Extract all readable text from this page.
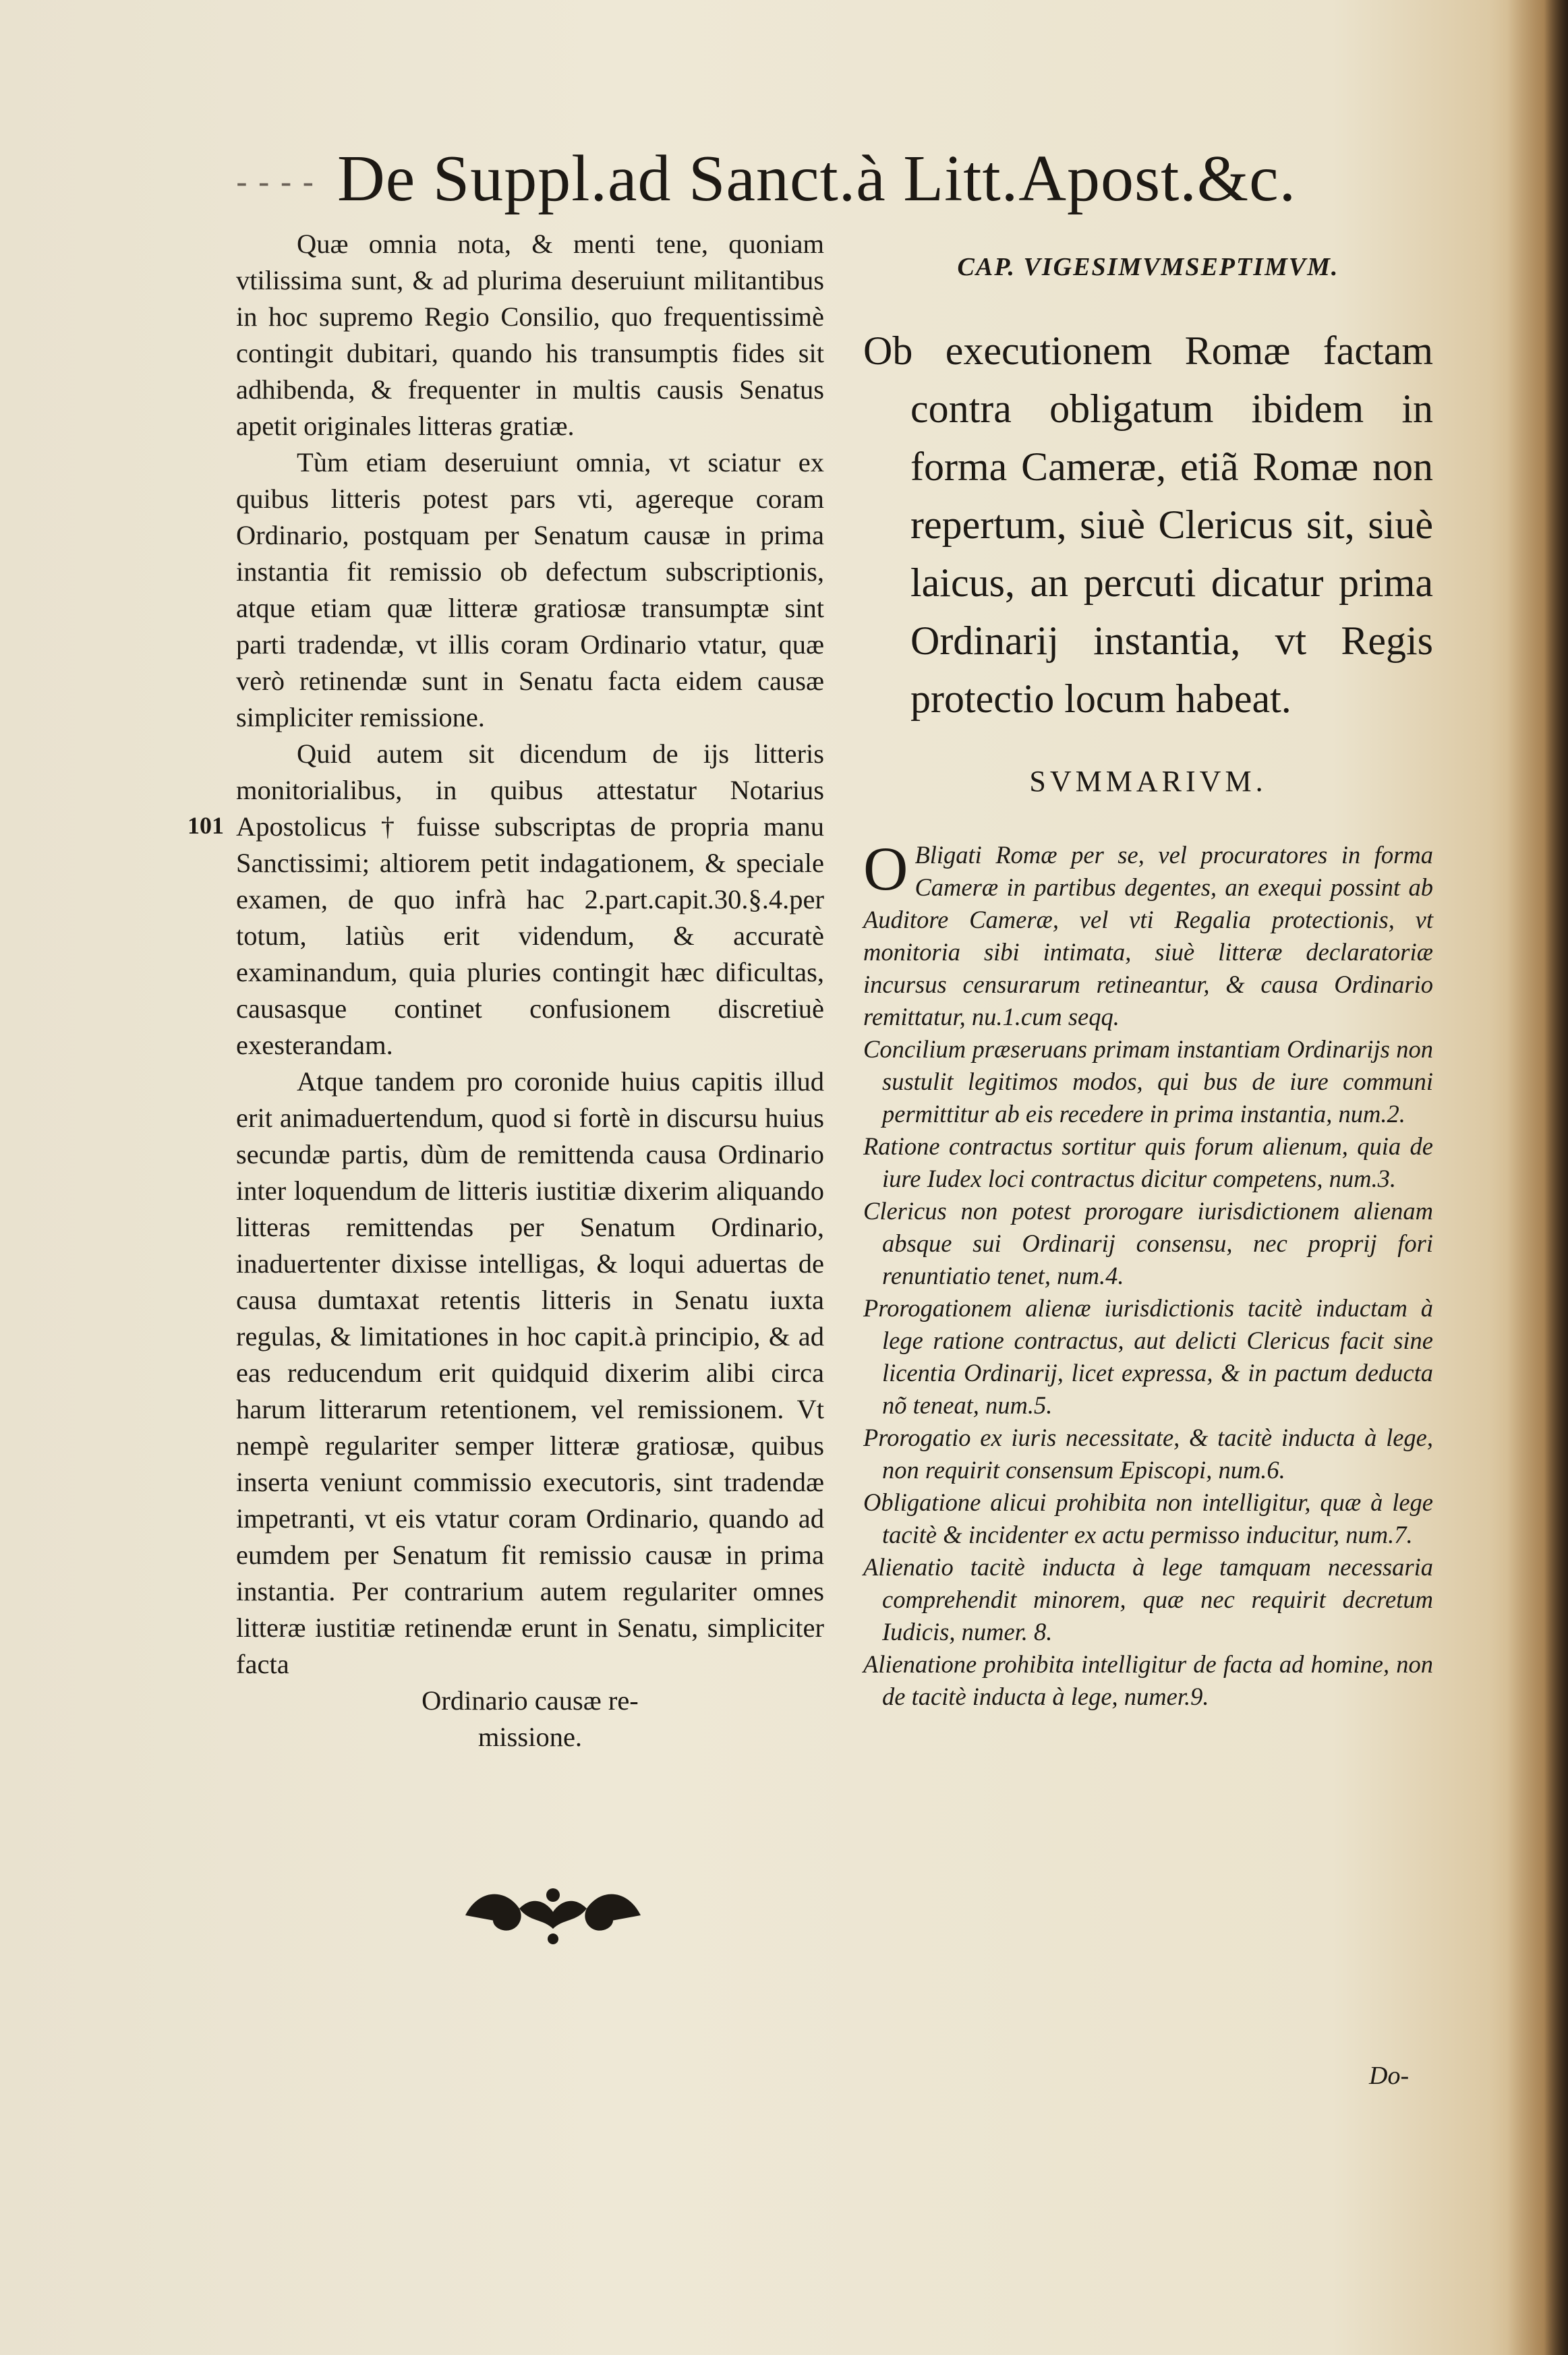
- - - - De Suppl.ad Sanct.à Litt.Apost.&c.
101

Quæ omnia nota, & menti tene, quoniam vtilissima sunt, & ad plurima deseruiunt militantibus in hoc supremo Regio Consilio, quo frequentissimè contingit dubitari, quando his transumptis fides sit adhibenda, & frequenter in multis causis Senatus apetit originales litteras gratiæ.

Tùm etiam deseruiunt omnia, vt sciatur ex quibus litteris potest pars vti, agereque coram Ordinario, postquam per Senatum causæ in prima instantia fit remissio ob defectum subscriptionis, atque etiam quæ litteræ gratiosæ transumptæ sint parti tradendæ, vt illis coram Ordinario vtatur, quæ verò retinendæ sunt in Senatu facta eidem causæ simpliciter remissione.

Quid autem sit dicendum de ijs litteris monitorialibus, in quibus attestatur Notarius Apostolicus † fuisse subscriptas de propria manu Sanctissimi; altiorem petit indagationem, & speciale examen, de quo infrà hac 2.part.capit.30.§.4.per totum, latiùs erit videndum, & accuratè examinandum, quia pluries contingit hæc dificultas, causasque continet confusionem discretiuè exesterandam.

Atque tandem pro coronide huius capitis illud erit animaduertendum, quod si fortè in discursu huius secundæ partis, dùm de remittenda causa Ordinario inter loquendum de litteris iustitiæ dixerim aliquando litteras remittendas per Senatum Ordinario, inaduertenter dixisse intelligas, & loqui aduertas de causa dumtaxat retentis litteris in Senatu iuxta regulas, & limitationes in hoc capit.à principio, & ad eas reducendum erit quidquid dixerim alibi circa harum litterarum retentionem, vel remissionem. Vt nempè regulariter semper litteræ gratiosæ, quibus inserta veniunt commissio executoris, sint tradendæ impetranti, vt eis vtatur coram Ordinario, quando ad eumdem per Senatum fit remissio causæ in prima instantia. Per contrarium autem regulariter omnes litteræ iustitiæ retinendæ erunt in Senatu, simpliciter facta

Ordinario causæ re-

missione.

CAP. VIGESIMVMSEPTIMVM.

Ob executionem Romæ factam contra obligatum ibidem in forma Cameræ, etiã Romæ non repertum, siuè Clericus sit, siuè laicus, an percuti dicatur prima Ordinarij instantia, vt Regis protectio locum habeat.

SVMMARIVM.
O Bligati Romæ per se, vel procuratores in forma Cameræ in partibus degentes, an exequi possint ab Auditore Cameræ, vel vti Regalia protectionis, vt monitoria sibi intimata, siuè litteræ declaratoriæ incursus censurarum retineantur, & causa Ordinario remittatur, nu.1.cum seqq.
Concilium præseruans primam instantiam Ordinarijs non sustulit legitimos modos, qui bus de iure communi permittitur ab eis recedere in prima instantia, num.2.
Ratione contractus sortitur quis forum alienum, quia de iure Iudex loci contractus dicitur competens, num.3.
Clericus non potest prorogare iurisdictionem alienam absque sui Ordinarij consensu, nec proprij fori renuntiatio tenet, num.4.
Prorogationem alienæ iurisdictionis tacitè inductam à lege ratione contractus, aut delicti Clericus facit sine licentia Ordinarij, licet expressa, & in pactum deducta nõ teneat, num.5.
Prorogatio ex iuris necessitate, & tacitè inducta à lege, non requirit consensum Episcopi, num.6.
Obligatione alicui prohibita non intelligitur, quæ à lege tacitè & incidenter ex actu permisso inducitur, num.7.
Alienatio tacitè inducta à lege tamquam necessaria comprehendit minorem, quæ nec requirit decretum Iudicis, numer. 8.
Alienatione prohibita intelligitur de facta ad homine, non de tacitè inducta à lege, numer.9.
Do-
